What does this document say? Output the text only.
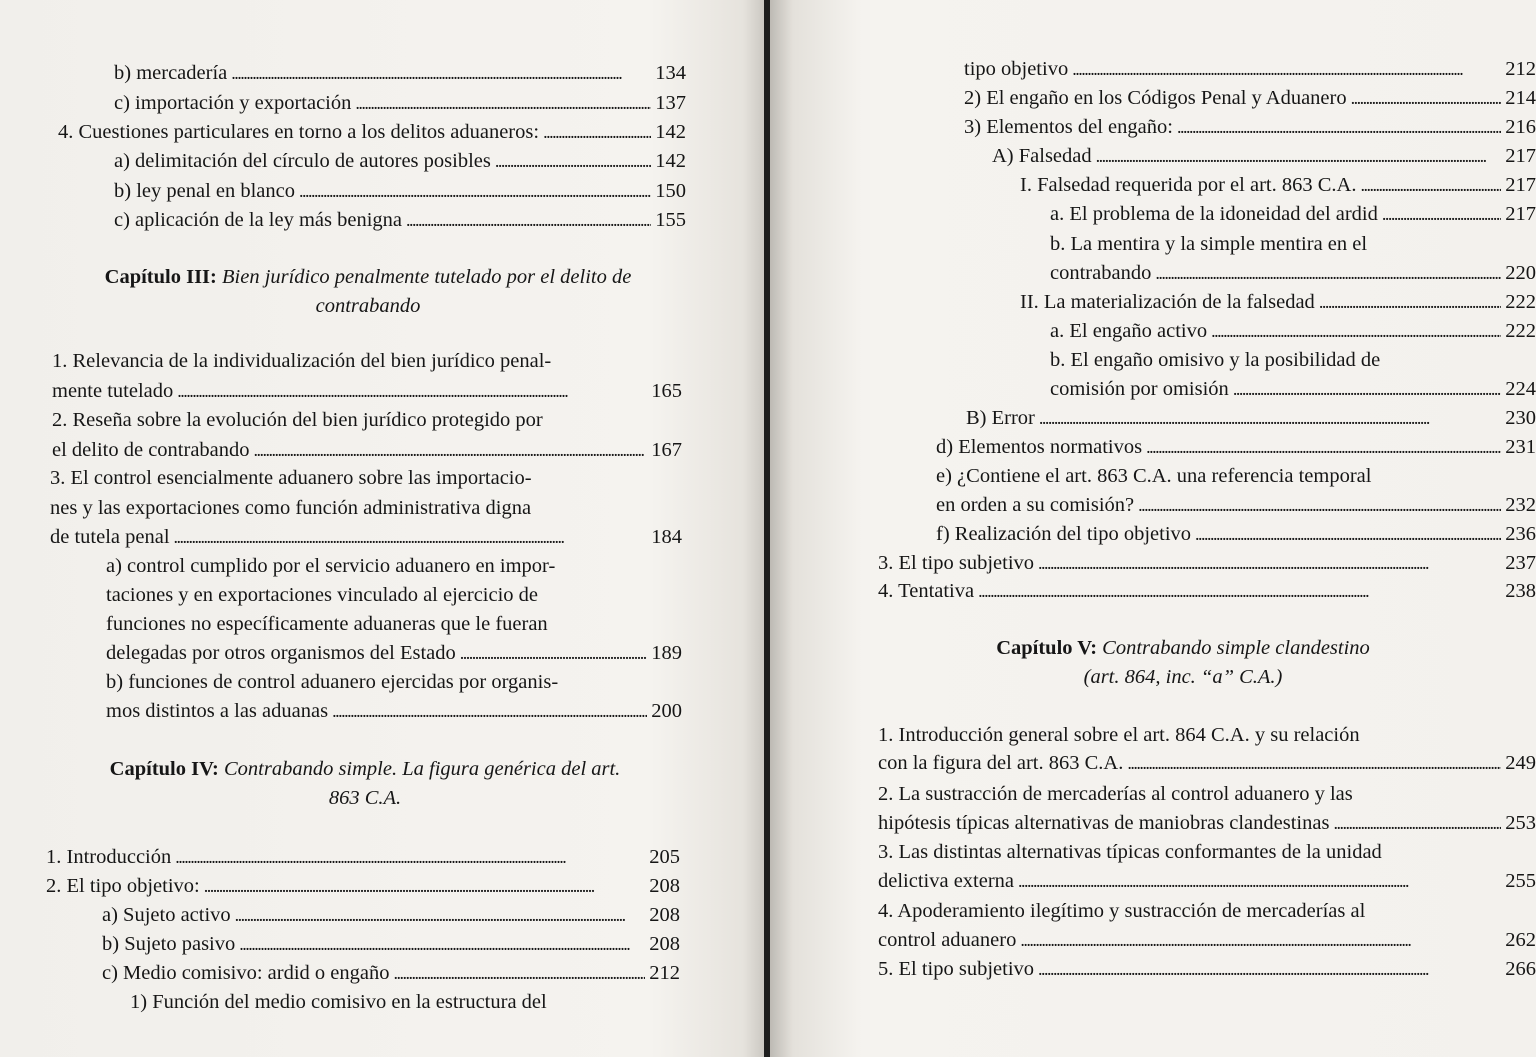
b) mercadería . . .	134
c) importación y exportación . . .	137
4. Cuestiones particulares en torno a los delitos aduaneros: . . .	142
a) delimitación del círculo de autores posibles . . .	142
b) ley penal en blanco . . .	150
c) aplicación de la ley más benigna . . .	155
Capítulo III: Bien jurídico penalmente tutelado por el delito de
contrabando
1. Relevancia de la individualización del bien jurídico penal-
mente tutelado . . .	165
2. Reseña sobre la evolución del bien jurídico protegido por
el delito de contrabando . . .	167
3. El control esencialmente aduanero sobre las importacio-
nes y las exportaciones como función administrativa digna
de tutela penal . . .	184
a) control cumplido por el servicio aduanero en impor-
taciones y en exportaciones vinculado al ejercicio de
funciones no específicamente aduaneras que le fueran
delegadas por otros organismos del Estado . . .	189
b) funciones de control aduanero ejercidas por organis-
mos distintos a las aduanas . . .	200
Capítulo IV: Contrabando simple. La figura genérica del art.
863 C.A.
1. Introducción . . .	205
2. El tipo objetivo: . . .	208
a) Sujeto activo . . .	208
b) Sujeto pasivo . . .	208
c) Medio comisivo: ardid o engaño . . .	212
1) Función del medio comisivo en la estructura del
tipo objetivo . . .	212
2) El engaño en los Códigos Penal y Aduanero . . .	214
3) Elementos del engaño: . . .	216
A) Falsedad . . .	217
I. Falsedad requerida por el art. 863 C.A. . . .	217
a. El problema de la idoneidad del ardid . . .	217
b. La mentira y la simple mentira en el
contrabando . . .	220
II. La materialización de la falsedad . . .	222
a. El engaño activo . . .	222
b. El engaño omisivo y la posibilidad de
comisión por omisión . . .	224
B) Error . . .	230
d) Elementos normativos . . .	231
e) ¿Contiene el art. 863 C.A. una referencia temporal
en orden a su comisión? . . .	232
f) Realización del tipo objetivo . . .	236
3. El tipo subjetivo . . .	237
4. Tentativa . . .	238
Capítulo V: Contrabando simple clandestino
(art. 864, inc. “a” C.A.)
1. Introducción general sobre el art. 864 C.A. y su relación
con la figura del art. 863 C.A. . . .	249
2. La sustracción de mercaderías al control aduanero y las
hipótesis típicas alternativas de maniobras clandestinas . . .	253
3. Las distintas alternativas típicas conformantes de la unidad
delictiva externa . . .	255
4. Apoderamiento ilegítimo y sustracción de mercaderías al
control aduanero . . .	262
5. El tipo subjetivo . . .	266
